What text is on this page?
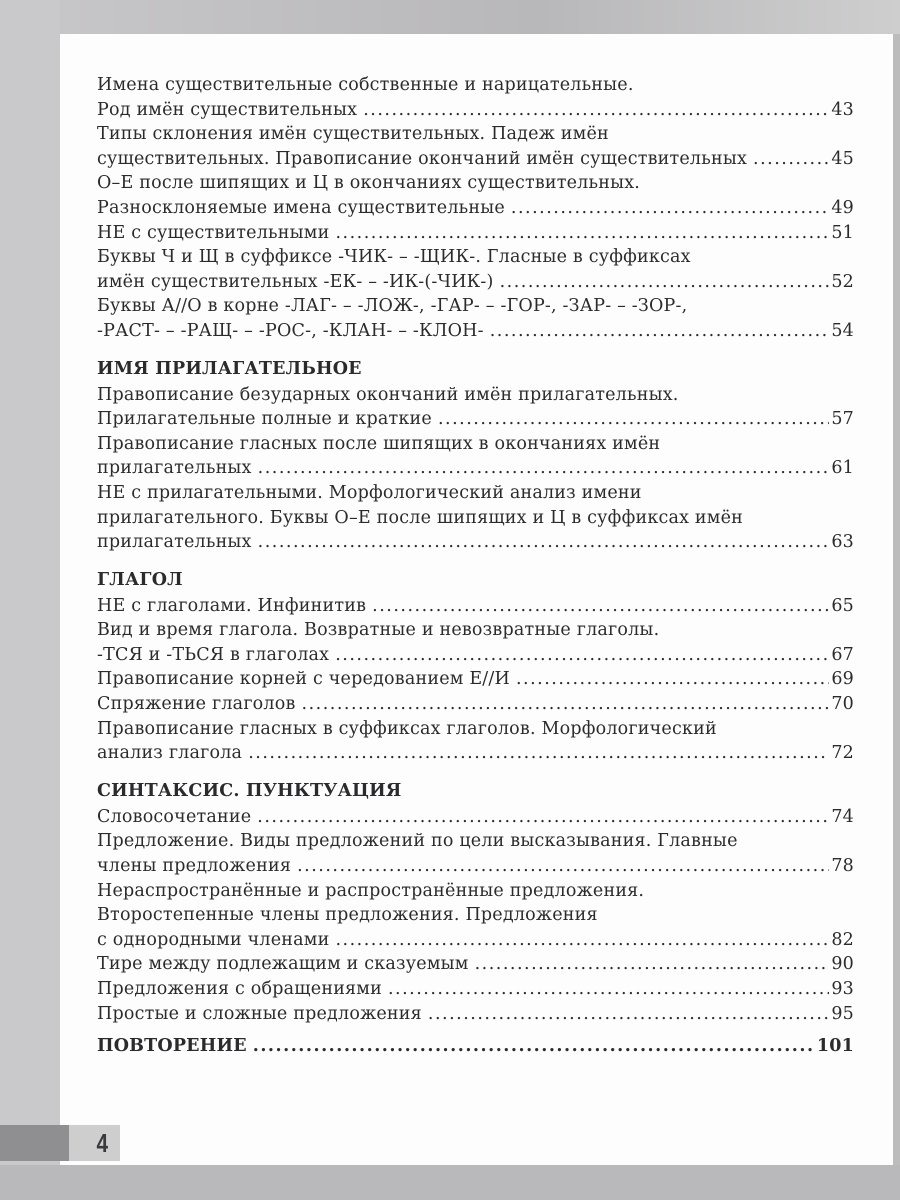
Имена существительные собственные и нарицательные.
Род имён существительных .....	43
Типы склонения имён существительных. Падеж имён
существительных. Правописание окончаний имён существительных .....	45
О–Е после шипящих и Ц в окончаниях существительных.
Разносклоняемые имена существительные .....	49
НЕ с существительными .....	51
Буквы Ч и Щ в суффиксе -ЧИК- – -ЩИК-. Гласные в суффиксах
имён существительных -ЕК- – -ИК-(-ЧИК-) .....	52
Буквы А//О в корне -ЛАГ- – -ЛОЖ-, -ГАР- – -ГОР-, -ЗАР- – -ЗОР-,
-РАСТ- – -РАЩ- – -РОС-, -КЛАН- – -КЛОН- .....	54
ИМЯ ПРИЛАГАТЕЛЬНОЕ
Правописание безударных окончаний имён прилагательных.
Прилагательные полные и краткие .....	57
Правописание гласных после шипящих в окончаниях имён
прилагательных .....	61
НЕ с прилагательными. Морфологический анализ имени
прилагательного. Буквы О–Е после шипящих и Ц в суффиксах имён
прилагательных .....	63
ГЛАГОЛ
НЕ с глаголами. Инфинитив .....	65
Вид и время глагола. Возвратные и невозвратные глаголы.
-ТСЯ и -ТЬСЯ в глаголах .....	67
Правописание корней с чередованием Е//И .....	69
Спряжение глаголов .....	70
Правописание гласных в суффиксах глаголов. Морфологический
анализ глагола .....	72
СИНТАКСИС. ПУНКТУАЦИЯ
Словосочетание .....	74
Предложение. Виды предложений по цели высказывания. Главные
члены предложения .....	78
Нераспространённые и распространённые предложения.
Второстепенные члены предложения. Предложения
с однородными членами .....	82
Тире между подлежащим и сказуемым .....	90
Предложения с обращениями .....	93
Простые и сложные предложения .....	95
ПОВТОРЕНИЕ .....	101
4
